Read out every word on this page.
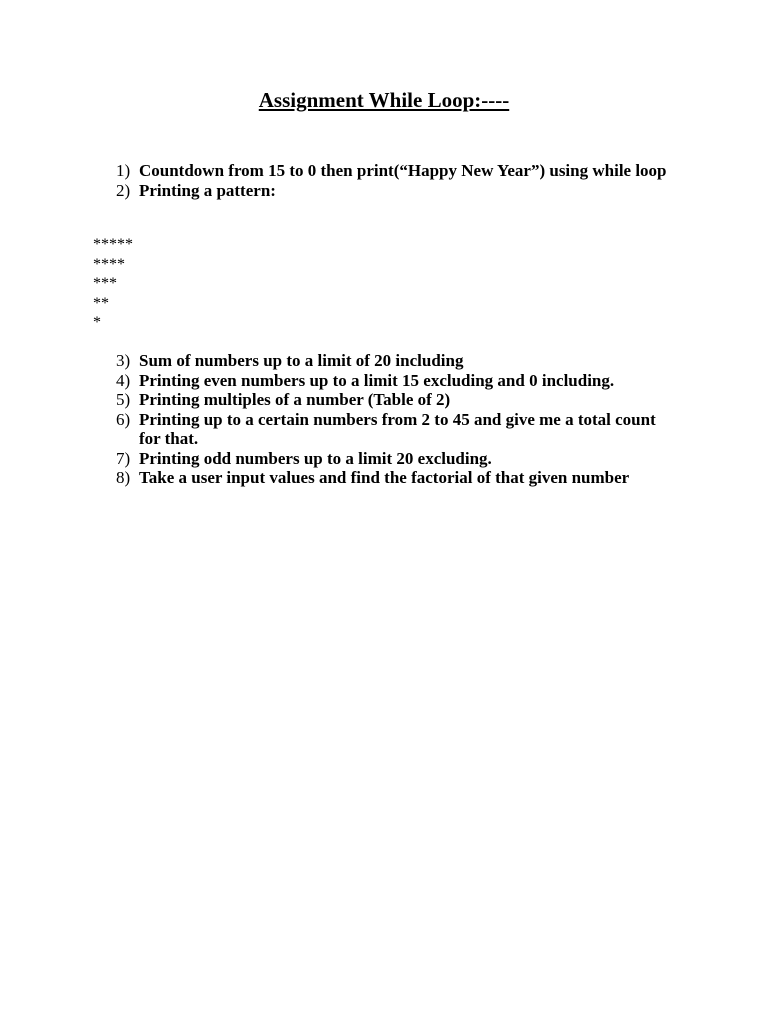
Assignment While Loop:----
1) Countdown from 15 to 0 then print(“Happy New Year”) using while loop
2) Printing a pattern:
*****
****
***
**
*
3) Sum of numbers up to a limit of 20 including
4) Printing even numbers up to a limit 15 excluding and 0 including.
5) Printing multiples of a number (Table of 2)
6) Printing up to a certain numbers from 2 to 45 and give me a total count for that.
7) Printing odd numbers up to a limit 20 excluding.
8) Take a user input values and find the factorial of that given number
